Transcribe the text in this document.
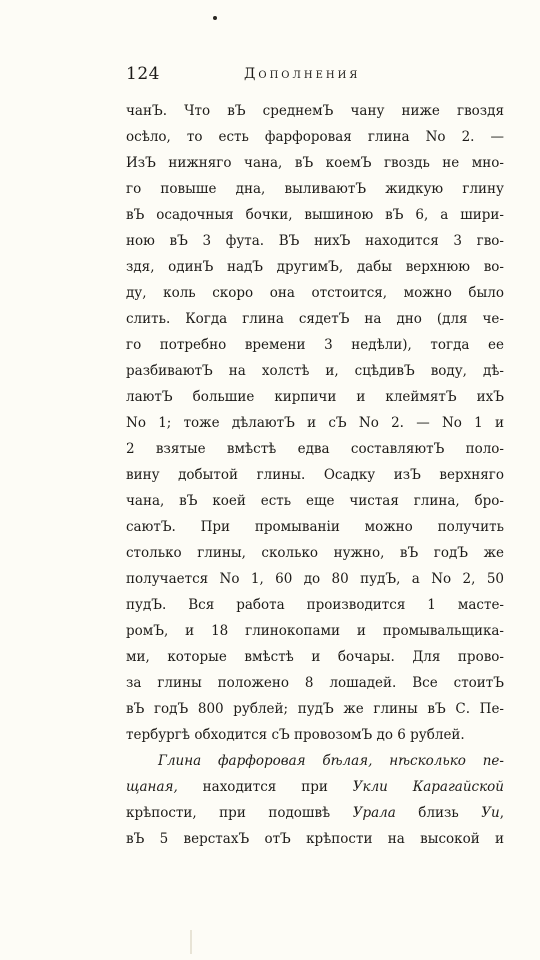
124	Дополнения
чанЪ. Что вЪ среднемЪ чану ниже гвоздя
осѣло, то есть фарфоровая глина No 2. —
ИзЪ нижняго чана, вЪ коемЪ гвоздь не мно-
го повыше дна, выливаютЪ жидкую глину
вЪ осадочныя бочки, вышиною вЪ 6, а шири-
ною вЪ 3 фута. ВЪ нихЪ находится 3 гво-
здя, одинЪ надЪ другимЪ, дабы верхнюю во-
ду, коль скоро она отстоится, можно было
слить. Когда глина сядетЪ на дно (для че-
го потребно времени 3 недѣли), тогда ее
разбиваютЪ на холстѣ и, сцѣдивЪ воду, дѣ-
лаютЪ большие кирпичи и клеймятЪ ихЪ
No 1; тоже дѣлаютЪ и сЪ No 2. — No 1 и
2 взятые вмѣстѣ едва составляютЪ поло-
вину добытой глины. Осадку изЪ верхняго
чана, вЪ коей есть еще чистая глина, бро-
саютЪ. При промываніи можно получить
столько глины, сколько нужно, вЪ годЪ же
получается No 1, 60 до 80 пудЪ, а No 2, 50
пудЪ. Вся работа производится 1 масте-
ромЪ, и 18 глинокопами и промывальщика-
ми, которые вмѣстѣ и бочары. Для прово-
за глины положено 8 лошадей. Все стоитЪ
вЪ годЪ 800 рублей; пудЪ же глины вЪ С. Пе-
тербургѣ обходится сЪ провозомЪ до 6 рублей.
Глина фарфоровая бѣлая, нѣсколько пе-
щаная, находится при Укли Карагайской
крѣпости, при подошвѣ Урала близь Уи,
вЪ 5 верстахЪ отЪ крѣпости на высокой и
